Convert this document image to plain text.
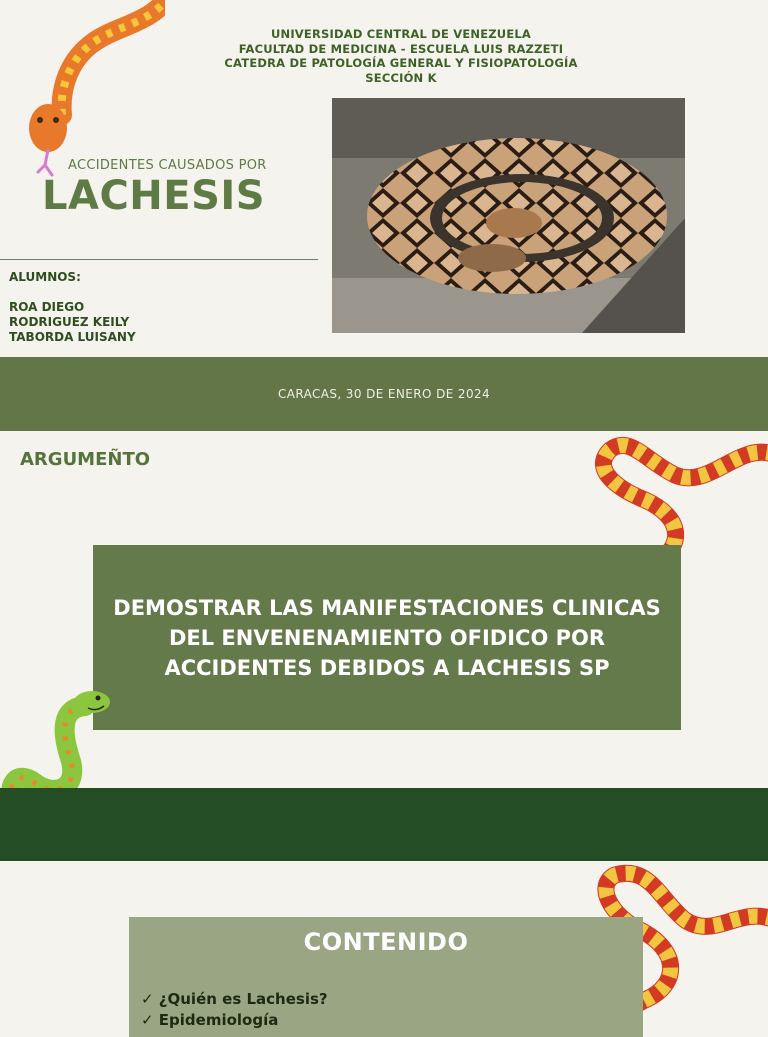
UNIVERSIDAD CENTRAL DE VENEZUELA
FACULTAD DE MEDICINA - ESCUELA LUIS RAZZETI
CATEDRA DE PATOLOGÍA GENERAL Y FISIOPATOLOGÍA
SECCIÓN K
ACCIDENTES CAUSADOS POR
LACHESIS
ALUMNOS:
ROA DIEGO
RODRIGUEZ KEILY
TABORDA LUISANY
CARACAS, 30 DE ENERO DE 2024
ARGUMEÑTO
DEMOSTRAR LAS MANIFESTACIONES CLINICAS DEL ENVENENAMIENTO OFIDICO POR ACCIDENTES DEBIDOS A LACHESIS SP
CONTENIDO
✓ ¿Quién es Lachesis?
✓ Epidemiología
